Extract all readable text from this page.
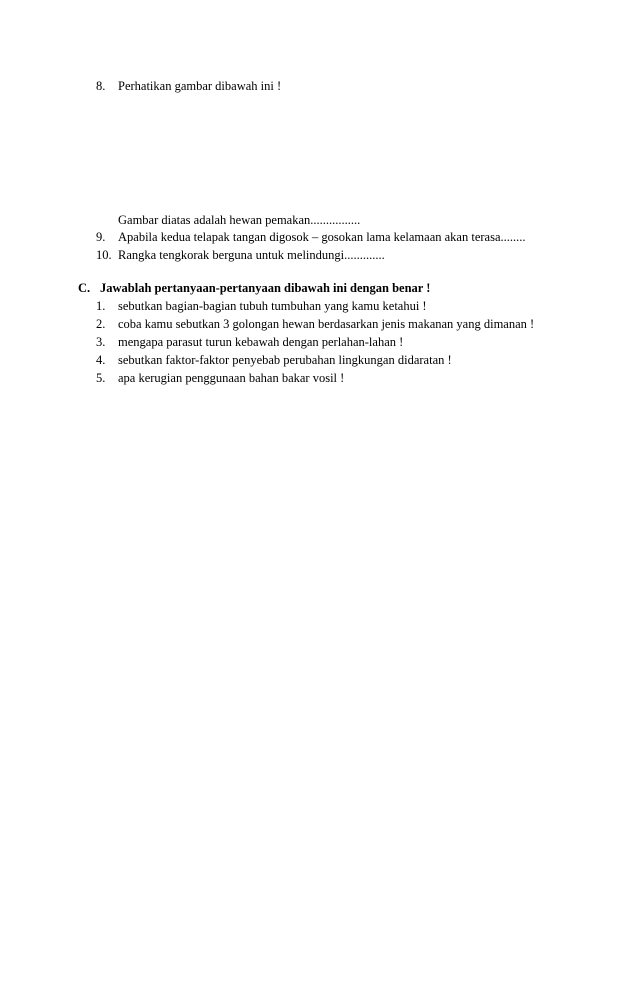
8. Perhatikan gambar dibawah ini !
Gambar diatas adalah hewan pemakan................
9. Apabila kedua telapak tangan digosok – gosokan lama kelamaan akan terasa........
10. Rangka tengkorak berguna untuk melindungi.............
C. Jawablah pertanyaan-pertanyaan dibawah ini dengan benar !
1. sebutkan bagian-bagian tubuh tumbuhan yang kamu ketahui !
2. coba kamu sebutkan 3 golongan hewan berdasarkan jenis makanan yang dimanan !
3. mengapa parasut turun kebawah dengan perlahan-lahan !
4. sebutkan faktor-faktor penyebab perubahan lingkungan didaratan !
5. apa kerugian penggunaan bahan bakar vosil !
